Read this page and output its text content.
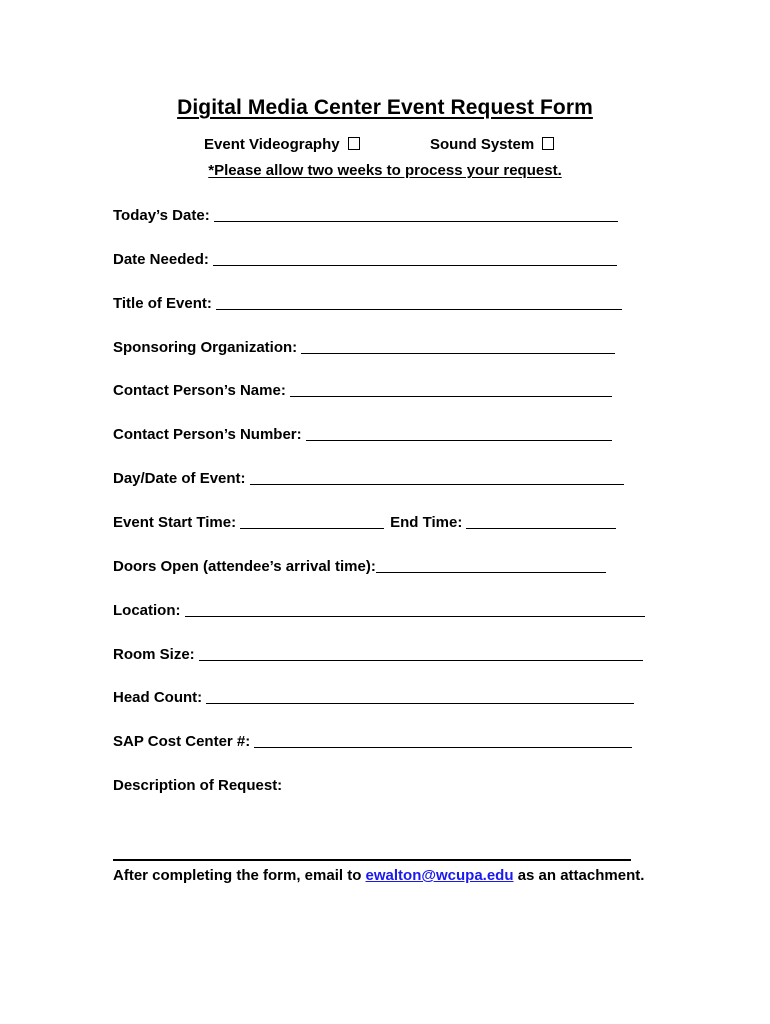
Digital Media Center Event Request Form
Event Videography	Sound System
*Please allow two weeks to process your request.
Today’s Date:
Date Needed:
Title of Event:
Sponsoring Organization:
Contact Person’s Name:
Contact Person’s Number:
Day/Date of Event:
Event Start Time:	End Time:
Doors Open (attendee’s arrival time):
Location:
Room Size:
Head Count:
SAP Cost Center #:
Description of Request:
After completing the form, email to ewalton@wcupa.edu as an attachment.
